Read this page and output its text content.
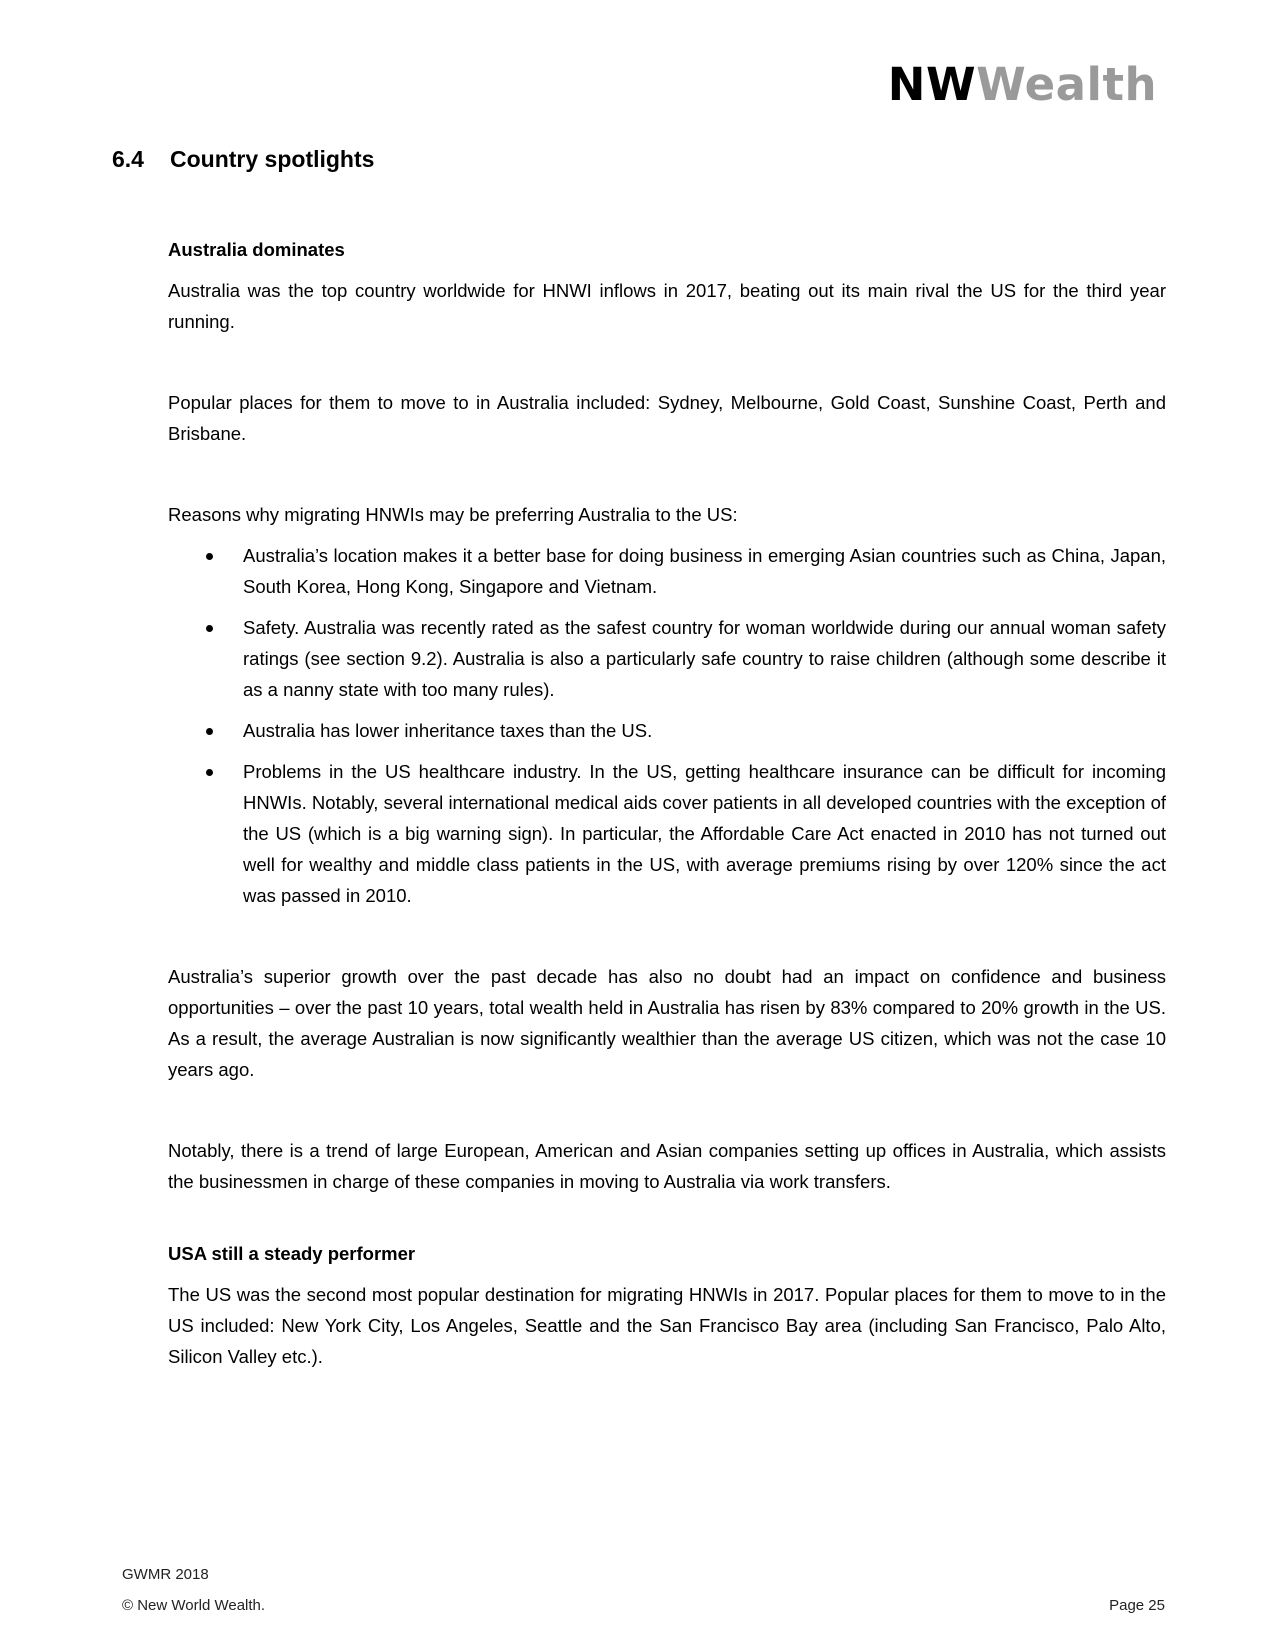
NWWealth
6.4 Country spotlights
Australia dominates

Australia was the top country worldwide for HNWI inflows in 2017, beating out its main rival the US for the third year running.

Popular places for them to move to in Australia included: Sydney, Melbourne, Gold Coast, Sunshine Coast, Perth and Brisbane.

Reasons why migrating HNWIs may be preferring Australia to the US:

Australia’s location makes it a better base for doing business in emerging Asian countries such as China, Japan, South Korea, Hong Kong, Singapore and Vietnam.
Safety. Australia was recently rated as the safest country for woman worldwide during our annual woman safety ratings (see section 9.2). Australia is also a particularly safe country to raise children (although some describe it as a nanny state with too many rules).
Australia has lower inheritance taxes than the US.
Problems in the US healthcare industry. In the US, getting healthcare insurance can be difficult for incoming HNWIs. Notably, several international medical aids cover patients in all developed countries with the exception of the US (which is a big warning sign). In particular, the Affordable Care Act enacted in 2010 has not turned out well for wealthy and middle class patients in the US, with average premiums rising by over 120% since the act was passed in 2010.

Australia’s superior growth over the past decade has also no doubt had an impact on confidence and business opportunities – over the past 10 years, total wealth held in Australia has risen by 83% compared to 20% growth in the US. As a result, the average Australian is now significantly wealthier than the average US citizen, which was not the case 10 years ago.

Notably, there is a trend of large European, American and Asian companies setting up offices in Australia, which assists the businessmen in charge of these companies in moving to Australia via work transfers.

USA still a steady performer

The US was the second most popular destination for migrating HNWIs in 2017. Popular places for them to move to in the US included: New York City, Los Angeles, Seattle and the San Francisco Bay area (including San Francisco, Palo Alto, Silicon Valley etc.).

GWMR 2018
© New World Wealth.	Page 25
